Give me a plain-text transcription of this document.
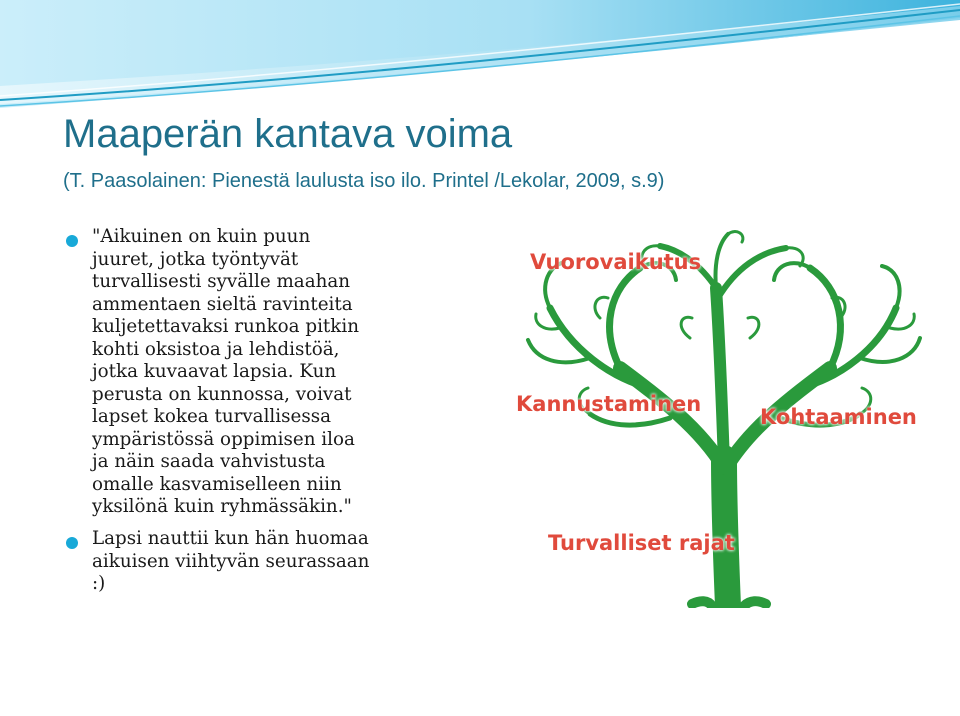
Maaperän kantava voima
(T. Paasolainen: Pienestä laulusta iso ilo. Printel /Lekolar, 2009, s.9)
"Aikuinen on kuin puun
juuret, jotka työntyvät
turvallisesti syvälle maahan
ammentaen sieltä ravinteita
kuljetettavaksi runkoa pitkin
kohti oksistoa ja lehdistöä,
jotka kuvaavat lapsia. Kun
perusta on kunnossa, voivat
lapset kokea turvallisessa
ympäristössä oppimisen iloa
ja näin saada vahvistusta
omalle kasvamiselleen niin
yksilönä kuin ryhmässäkin."
Lapsi nauttii kun hän huomaa
aikuisen viihtyvän seurassaan
:)
Vuorovaikutus
Kannustaminen
Kohtaaminen
Turvalliset rajat
